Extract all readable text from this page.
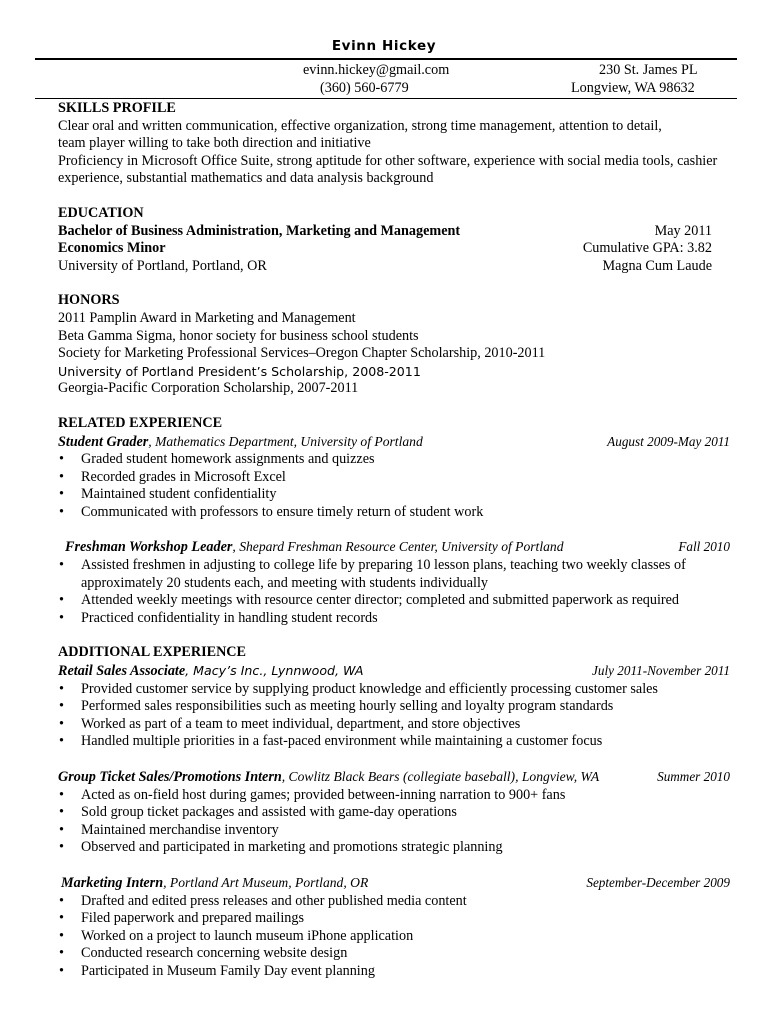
Evinn Hickey
evinn.hickey@gmail.com
(360) 560-6779
230 St. James PL
Longview, WA 98632
SKILLS PROFILE
Clear oral and written communication, effective organization, strong time management, attention to detail,
team player willing to take both direction and initiative
Proficiency in Microsoft Office Suite, strong aptitude for other software, experience with social media tools, cashier
experience, substantial mathematics and data analysis background
EDUCATION
Bachelor of Business Administration, Marketing and Management	May 2011
Economics Minor	Cumulative GPA: 3.82
University of Portland, Portland, OR	Magna Cum Laude
HONORS
2011 Pamplin Award in Marketing and Management
Beta Gamma Sigma, honor society for business school students
Society for Marketing Professional Services–Oregon Chapter Scholarship, 2010-2011
University of Portland President’s Scholarship, 2008-2011
Georgia-Pacific Corporation Scholarship, 2007-2011
RELATED EXPERIENCE
Student Grader, Mathematics Department, University of Portland	August 2009-May 2011
• Graded student homework assignments and quizzes
• Recorded grades in Microsoft Excel
• Maintained student confidentiality
• Communicated with professors to ensure timely return of student work
Freshman Workshop Leader, Shepard Freshman Resource Center, University of Portland	Fall 2010
• Assisted freshmen in adjusting to college life by preparing 10 lesson plans, teaching two weekly classes of approximately 20 students each, and meeting with students individually
• Attended weekly meetings with resource center director; completed and submitted paperwork as required
• Practiced confidentiality in handling student records
ADDITIONAL EXPERIENCE
Retail Sales Associate, Macy’s Inc., Lynnwood, WA	July 2011-November 2011
• Provided customer service by supplying product knowledge and efficiently processing customer sales
• Performed sales responsibilities such as meeting hourly selling and loyalty program standards
• Worked as part of a team to meet individual, department, and store objectives
• Handled multiple priorities in a fast-paced environment while maintaining a customer focus
Group Ticket Sales/Promotions Intern, Cowlitz Black Bears (collegiate baseball), Longview, WA	Summer 2010
• Acted as on-field host during games; provided between-inning narration to 900+ fans
• Sold group ticket packages and assisted with game-day operations
• Maintained merchandise inventory
• Observed and participated in marketing and promotions strategic planning
Marketing Intern, Portland Art Museum, Portland, OR	September-December 2009
• Drafted and edited press releases and other published media content
• Filed paperwork and prepared mailings
• Worked on a project to launch museum iPhone application
• Conducted research concerning website design
• Participated in Museum Family Day event planning
